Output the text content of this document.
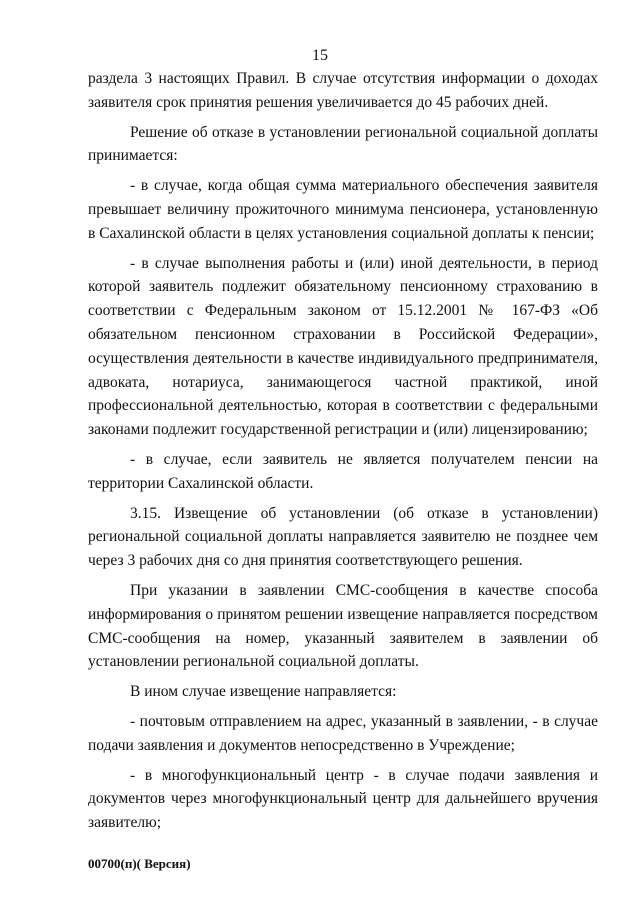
15

раздела 3 настоящих Правил. В случае отсутствия информации о доходах заявителя срок принятия решения увеличивается до 45 рабочих дней.

Решение об отказе в установлении региональной социальной доплаты принимается:

- в случае, когда общая сумма материального обеспечения заявителя превышает величину прожиточного минимума пенсионера, установленную в Сахалинской области в целях установления социальной доплаты к пенсии;

- в случае выполнения работы и (или) иной деятельности, в период которой заявитель подлежит обязательному пенсионному страхованию в соответствии с Федеральным законом от 15.12.2001 № 167-ФЗ «Об обязательном пенсионном страховании в Российской Федерации», осуществления деятельности в качестве индивидуального предпринимателя, адвоката, нотариуса, занимающегося частной практикой, иной профессиональной деятельностью, которая в соответствии с федеральными законами подлежит государственной регистрации и (или) лицензированию;

- в случае, если заявитель не является получателем пенсии на территории Сахалинской области.

3.15. Извещение об установлении (об отказе в установлении) региональной социальной доплаты направляется заявителю не позднее чем через 3 рабочих дня со дня принятия соответствующего решения.

При указании в заявлении СМС-сообщения в качестве способа информирования о принятом решении извещение направляется посредством СМС-сообщения на номер, указанный заявителем в заявлении об установлении региональной социальной доплаты.

В ином случае извещение направляется:

- почтовым отправлением на адрес, указанный в заявлении, - в случае подачи заявления и документов непосредственно в Учреждение;

- в многофункциональный центр - в случае подачи заявления и документов через многофункциональный центр для дальнейшего вручения заявителю;

00700(п)( Версия)
